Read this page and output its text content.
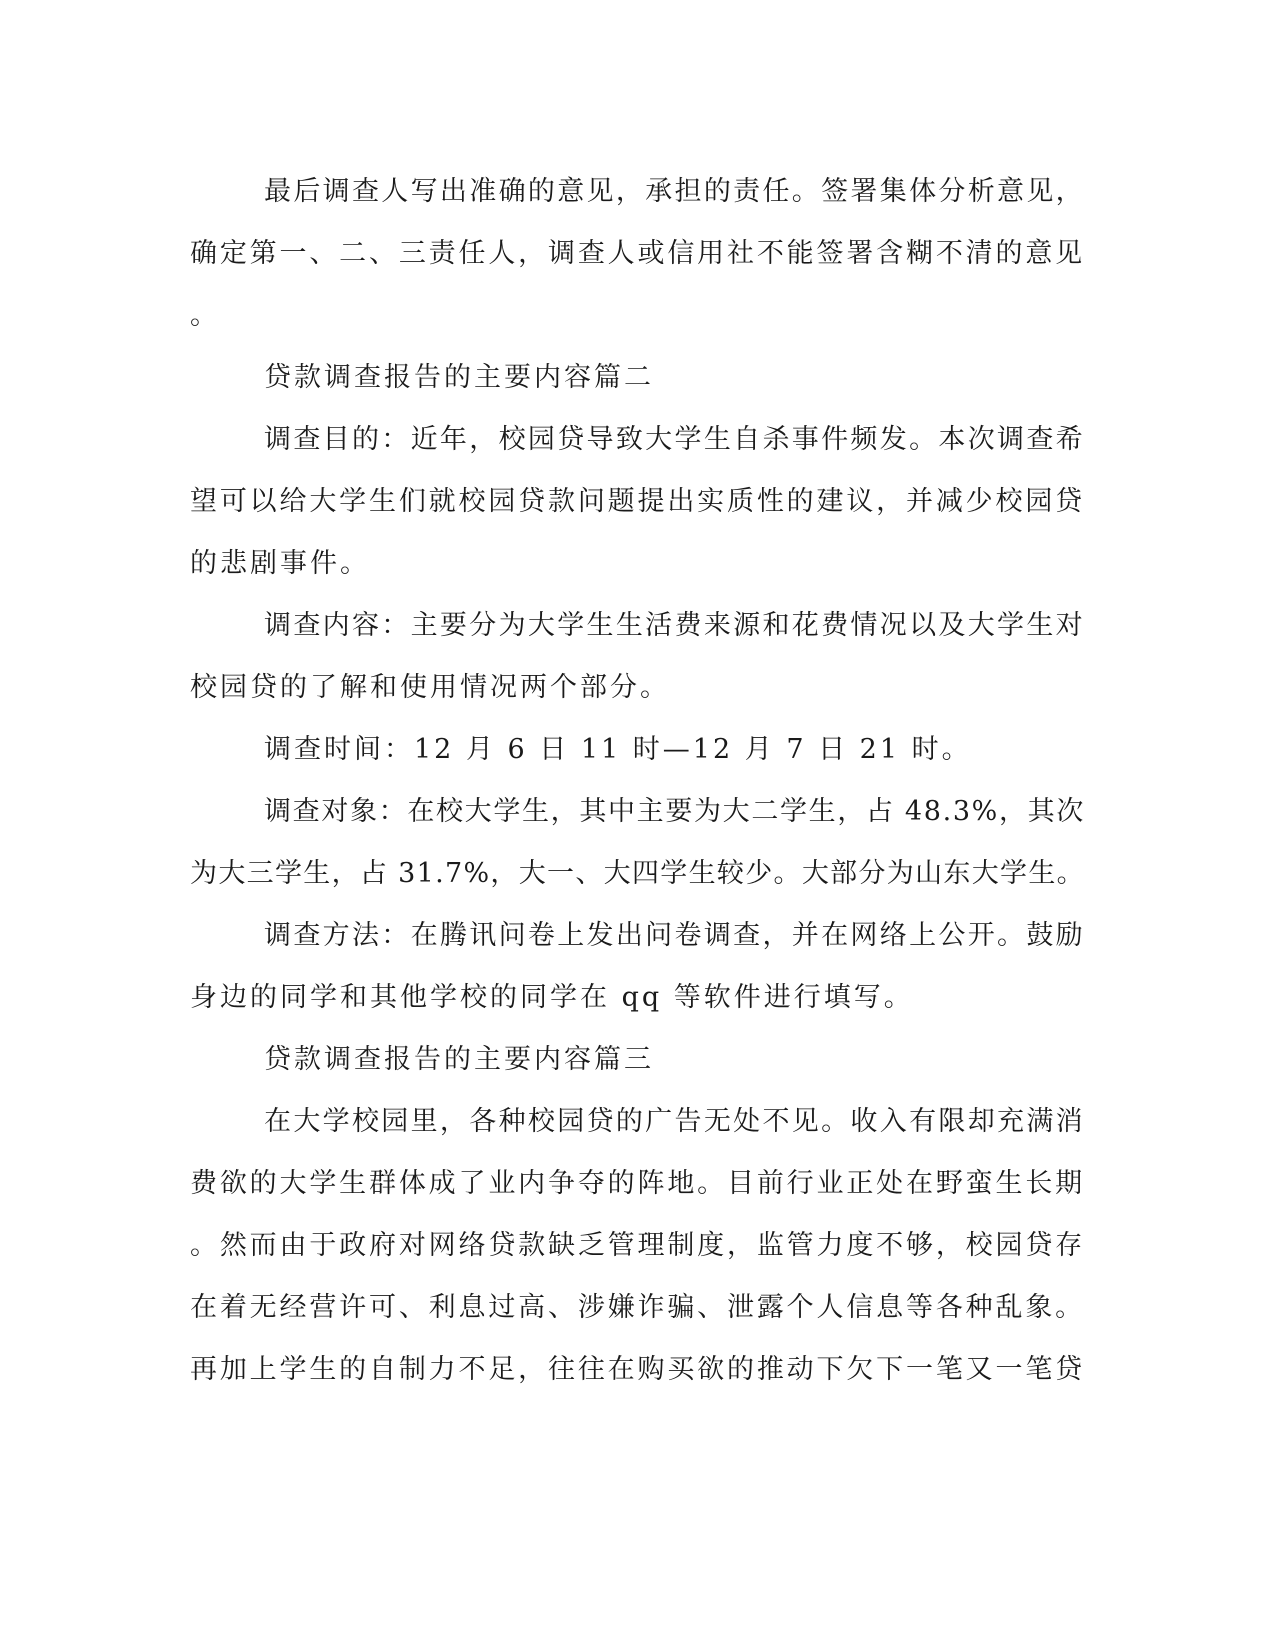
最后调查人写出准确的意见，承担的责任。签署集体分析意见，
确定第一、二、三责任人，调查人或信用社不能签署含糊不清的意见
。
贷款调查报告的主要内容篇二
调查目的：近年，校园贷导致大学生自杀事件频发。本次调查希
望可以给大学生们就校园贷款问题提出实质性的建议，并减少校园贷
的悲剧事件。
调查内容：主要分为大学生生活费来源和花费情况以及大学生对
校园贷的了解和使用情况两个部分。
调查时间：12 月 6 日 11 时—12 月 7 日 21 时。
调查对象：在校大学生，其中主要为大二学生，占 48.3%，其次
为大三学生，占 31.7%，大一、大四学生较少。大部分为山东大学生。
调查方法：在腾讯问卷上发出问卷调查，并在网络上公开。鼓励
身边的同学和其他学校的同学在 qq 等软件进行填写。
贷款调查报告的主要内容篇三
在大学校园里，各种校园贷的广告无处不见。收入有限却充满消
费欲的大学生群体成了业内争夺的阵地。目前行业正处在野蛮生长期
。然而由于政府对网络贷款缺乏管理制度，监管力度不够，校园贷存
在着无经营许可、利息过高、涉嫌诈骗、泄露个人信息等各种乱象。
再加上学生的自制力不足，往往在购买欲的推动下欠下一笔又一笔贷
